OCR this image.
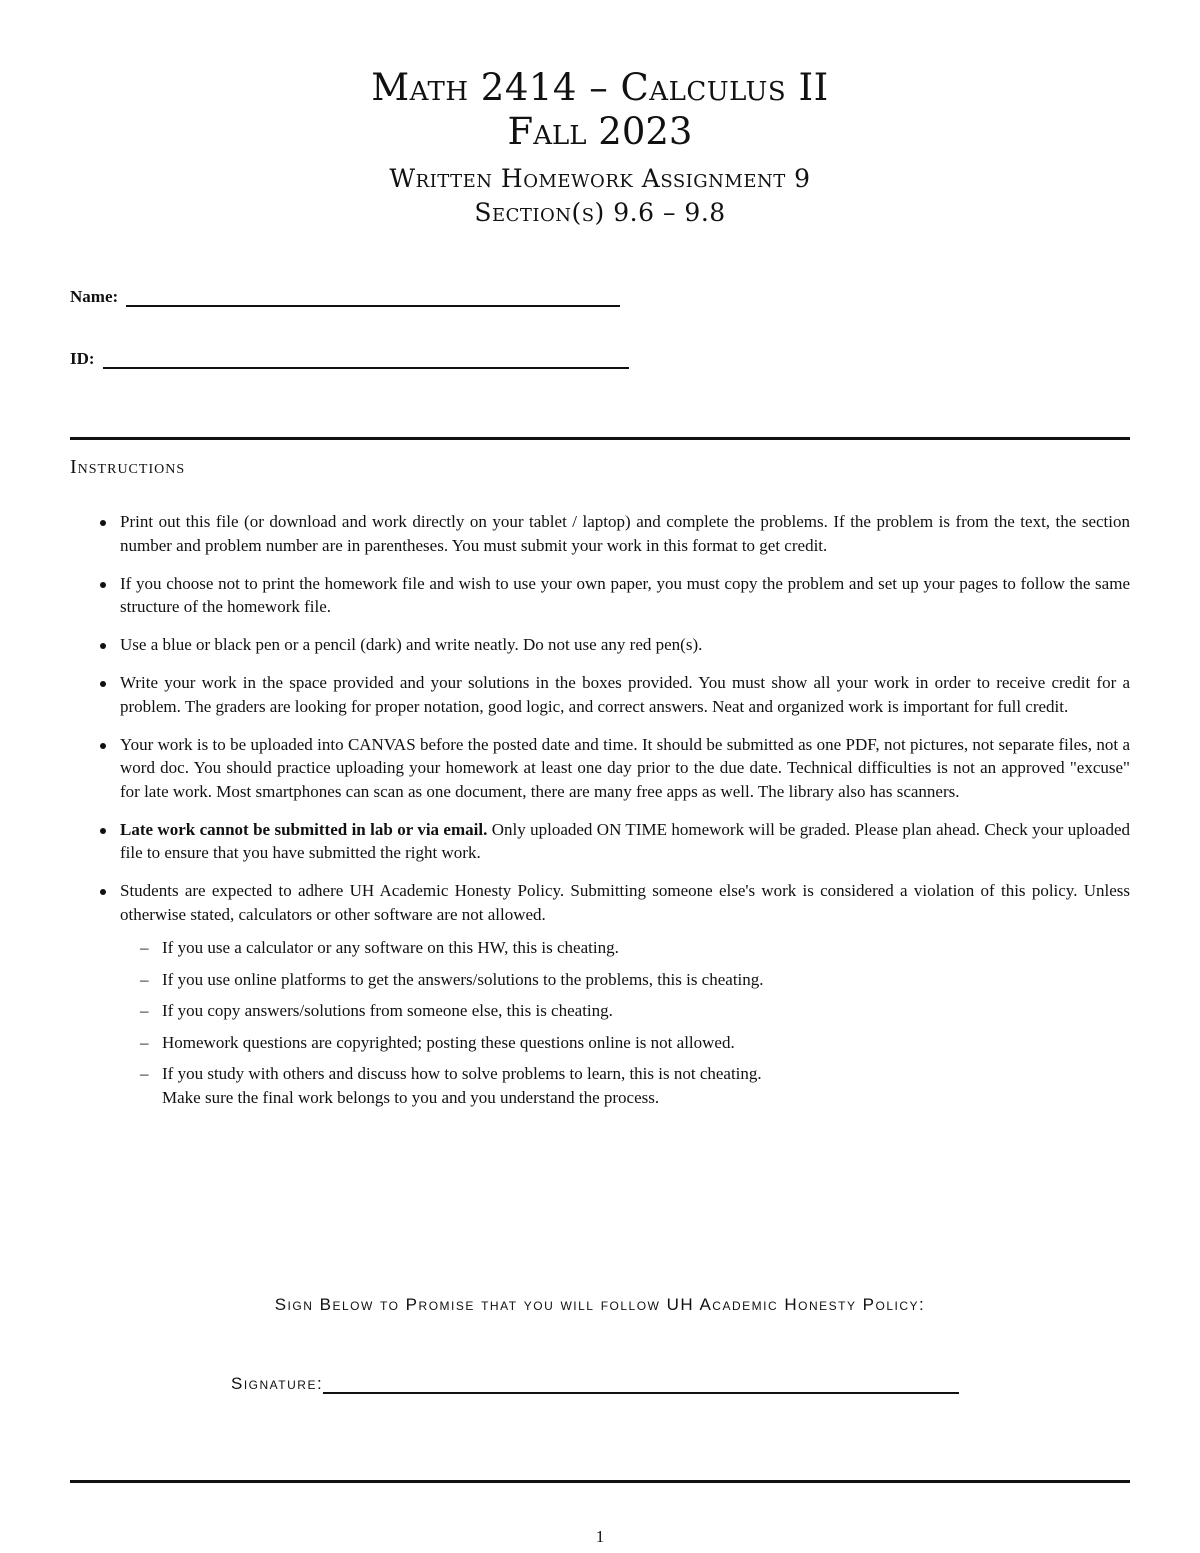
Math 2414 – Calculus II
Fall 2023
Written Homework Assignment 9
Section(s) 9.6 – 9.8
Name:
ID:
Instructions
Print out this file (or download and work directly on your tablet / laptop) and complete the problems. If the problem is from the text, the section number and problem number are in parentheses. You must submit your work in this format to get credit.
If you choose not to print the homework file and wish to use your own paper, you must copy the problem and set up your pages to follow the same structure of the homework file.
Use a blue or black pen or a pencil (dark) and write neatly. Do not use any red pen(s).
Write your work in the space provided and your solutions in the boxes provided. You must show all your work in order to receive credit for a problem. The graders are looking for proper notation, good logic, and correct answers. Neat and organized work is important for full credit.
Your work is to be uploaded into CANVAS before the posted date and time. It should be submitted as one PDF, not pictures, not separate files, not a word doc. You should practice uploading your homework at least one day prior to the due date. Technical difficulties is not an approved "excuse" for late work. Most smartphones can scan as one document, there are many free apps as well. The library also has scanners.
Late work cannot be submitted in lab or via email. Only uploaded ON TIME homework will be graded. Please plan ahead. Check your uploaded file to ensure that you have submitted the right work.
Students are expected to adhere UH Academic Honesty Policy. Submitting someone else's work is considered a violation of this policy. Unless otherwise stated, calculators or other software are not allowed.
– If you use a calculator or any software on this HW, this is cheating.
– If you use online platforms to get the answers/solutions to the problems, this is cheating.
– If you copy answers/solutions from someone else, this is cheating.
– Homework questions are copyrighted; posting these questions online is not allowed.
– If you study with others and discuss how to solve problems to learn, this is not cheating.
Make sure the final work belongs to you and you understand the process.
Sign Below to Promise that you will follow UH Academic Honesty Policy:
Signature:
1
